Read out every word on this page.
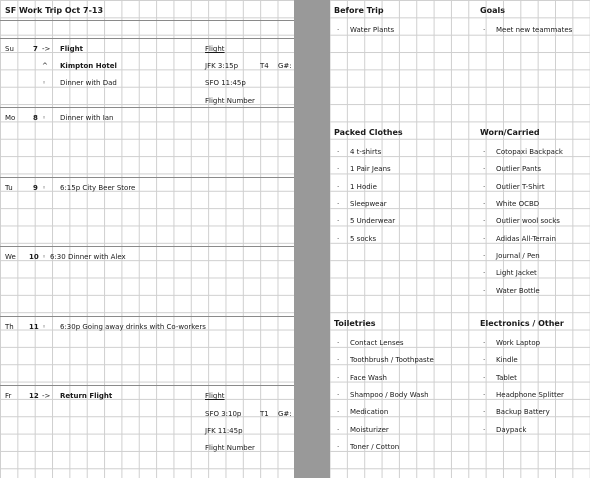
SF Work Trip Oct 7-13
Su	7 -> Flight
^ Kimpton Hotel
◦ Dinner with Dad
Mo	8 ◦ Dinner with Ian
Tu	9 ◦ 6:15p City Beer Store
We 10 ◦ 6:30 Dinner with Alex
Th 11 ◦ 6:30p Going away drinks with Co-workers
Fr	12 -> Return Flight
Flight
JFK 3:15p	T4 G#:
SFO 11:45p
Flight Number
Flight
SFO 3:10p	T1 G#:
JFK 11:45p
Flight Number
Before Trip
. Water Plants
Goals
. Meet new teammates
Packed Clothes
. 4 t-shirts
. 1 Pair Jeans
. 1 Hodie
. Sleepwear
. 5 Underwear
. 5 socks
Worn/Carried
. Cotopaxi Backpack
. Outlier Pants
. Outlier T-Shirt
. White OCBD
. Outlier wool socks
. Adidas All-Terrain
. Journal / Pen
. Light Jacket
. Water Bottle
Toiletries
. Contact Lenses
. Toothbrush / Toothpaste
. Face Wash
. Shampoo / Body Wash
. Medication
. Moisturizer
. Toner / Cotton
Electronics / Other
. Work Laptop
. Kindle
. Tablet
. Headphone Splitter
. Backup Battery
. Daypack
